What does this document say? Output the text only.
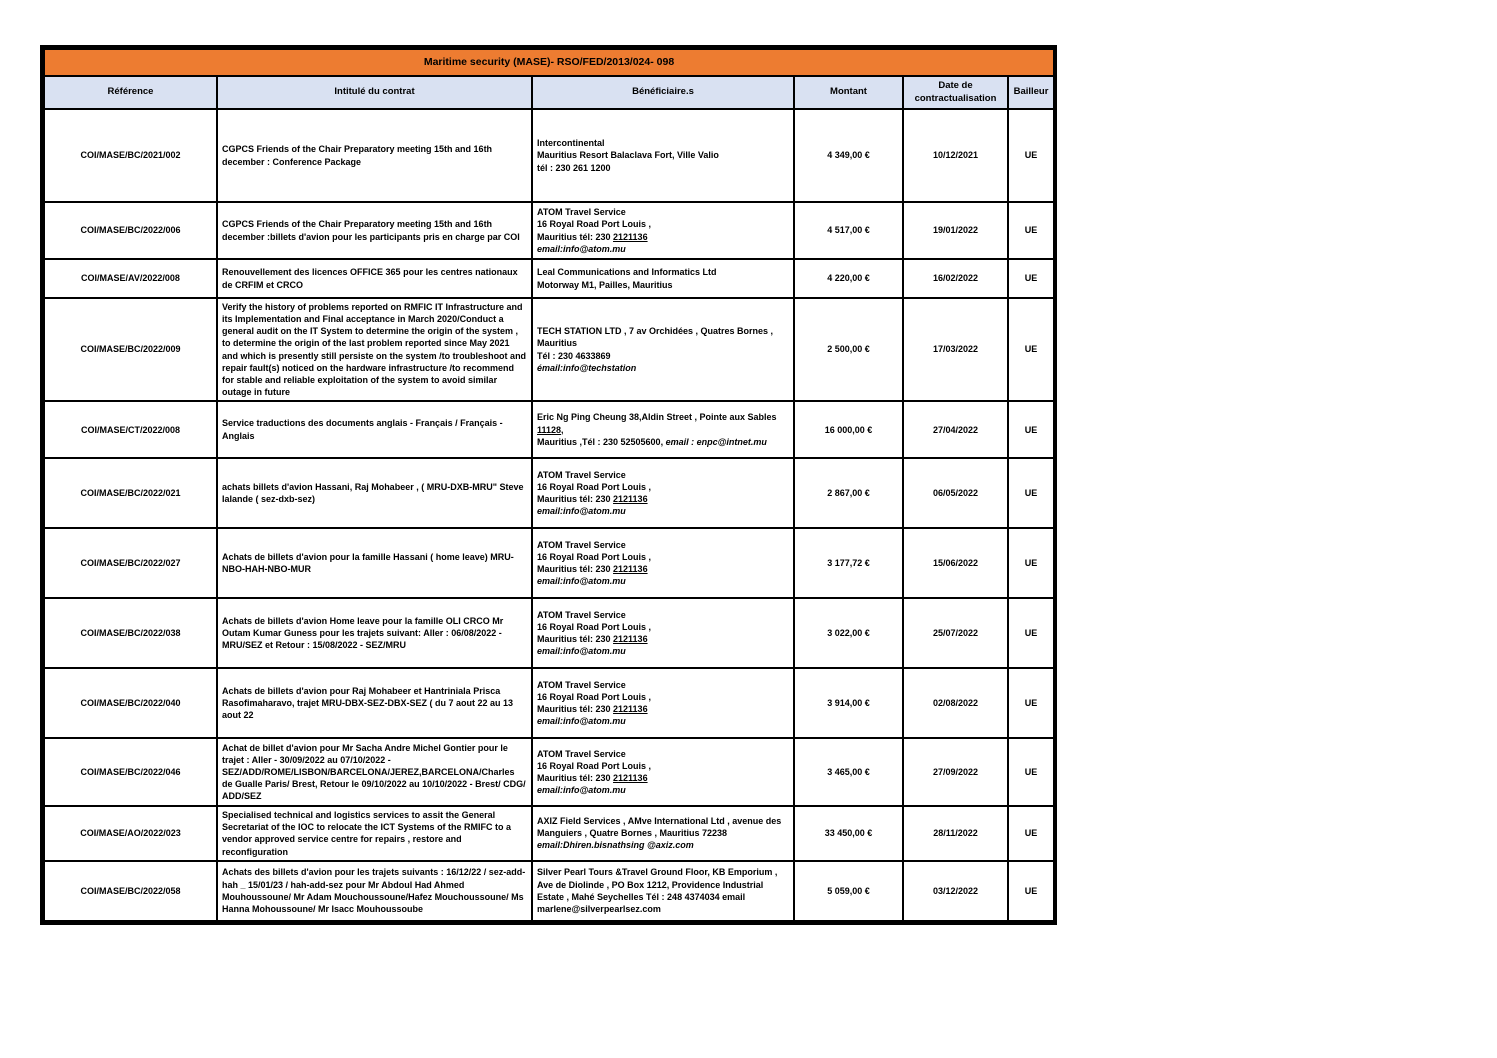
Maritime security (MASE)- RSO/FED/2013/024- 098					
Référence	Intitulé du contrat	Bénéficiaire.s	Montant	Date de contractualisation	Bailleur
COI/MASE/BC/2021/002	CGPCS Friends of the Chair Preparatory meeting 15th and 16th december : Conference Package	Intercontinental
Mauritius Resort Balaclava Fort, Ville Valio
tél : 230 261 1200	4 349,00 €	10/12/2021	UE
COI/MASE/BC/2022/006	CGPCS Friends of the Chair Preparatory meeting 15th and 16th december :billets d'avion pour les participants pris en charge par COI	ATOM Travel Service
16 Royal Road Port Louis ,
Mauritius tél: 230 2121136
email:info@atom.mu	4 517,00 €	19/01/2022	UE
COI/MASE/AV/2022/008	Renouvellement des licences OFFICE 365 pour les centres nationaux de CRFIM et CRCO	Leal Communications and Informatics Ltd
Motorway M1, Pailles, Mauritius	4 220,00 €	16/02/2022	UE
COI/MASE/BC/2022/009	Verify the history of problems reported on RMFIC IT Infrastructure and its Implementation and Final acceptance in March 2020/Conduct a general audit on the IT System to determine the origin of the system , to determine the origin of the last problem reported since May 2021 and which is presently still persiste on the system /to troubleshoot and repair fault(s) noticed on the hardware infrastructure /to recommend for stable and reliable exploitation of the system to avoid similar outage in future	
TECH STATION LTD , 7 av Orchidées , Quatres Bornes , Mauritius
Tél : 230 4633869
émail:info@techstation
	2 500,00 €	17/03/2022	UE
COI/MASE/CT/2022/008	Service traductions des documents anglais - Français / Français -Anglais	Eric Ng Ping Cheung 38,Aldin Street , Pointe aux Sables 11128,
Mauritius ,Tél : 230 52505600, email : enpc@intnet.mu	16 000,00 €	27/04/2022	UE
COI/MASE/BC/2022/021	achats billets d'avion Hassani, Raj Mohabeer , ( MRU-DXB-MRU" Steve Ialande ( sez-dxb-sez)	ATOM Travel Service
16 Royal Road Port Louis ,
Mauritius tél: 230 2121136
email:info@atom.mu	2 867,00 €	06/05/2022	UE
COI/MASE/BC/2022/027	Achats de billets d'avion pour la famille Hassani ( home leave) MRU-NBO-HAH-NBO-MUR	ATOM Travel Service
16 Royal Road Port Louis ,
Mauritius tél: 230 2121136
email:info@atom.mu	3 177,72 €	15/06/2022	UE
COI/MASE/BC/2022/038	Achats de billets d'avion Home leave pour la famille OLI CRCO Mr Outam Kumar Guness pour les trajets suivant: Aller : 06/08/2022 - MRU/SEZ et Retour : 15/08/2022 - SEZ/MRU	ATOM Travel Service
16 Royal Road Port Louis ,
Mauritius tél: 230 2121136
email:info@atom.mu	3 022,00 €	25/07/2022	UE
COI/MASE/BC/2022/040	Achats de billets d'avion pour Raj Mohabeer et Hantriniala Prisca Rasofimaharavo, trajet MRU-DBX-SEZ-DBX-SEZ ( du 7 aout 22 au 13 aout 22	ATOM Travel Service
16 Royal Road Port Louis ,
Mauritius tél: 230 2121136
email:info@atom.mu	3 914,00 €	02/08/2022	UE
COI/MASE/BC/2022/046	Achat de billet d'avion pour Mr Sacha Andre Michel Gontier pour le trajet : Aller - 30/09/2022 au 07/10/2022 - SEZ/ADD/ROME/LISBON/BARCELONA/JEREZ,BARCELONA/Charles de Gualle Paris/ Brest, Retour le 09/10/2022 au 10/10/2022 - Brest/ CDG/ ADD/SEZ	
ATOM Travel Service
16 Royal Road Port Louis ,
Mauritius tél: 230 2121136
email:info@atom.mu
	3 465,00 €	27/09/2022	UE
COI/MASE/AO/2022/023	Specialised technical and logistics services to assit the General Secretariat of the IOC to relocate the ICT Systems of the RMIFC to a vendor approved service centre for repairs , restore and reconfiguration	AXIZ Field Services , AMve International Ltd , avenue des Manguiers , Quatre Bornes , Mauritius 72238
email:Dhiren.bisnathsing @axiz.com	33 450,00 €	28/11/2022	UE
COI/MASE/BC/2022/058	Achats des billets d'avion pour les trajets suivants : 16/12/22 / sez-add-hah _ 15/01/23 / hah-add-sez pour Mr Abdoul Had Ahmed Mouhoussoune/ Mr Adam Mouchoussoune/Hafez Mouchoussoune/ Ms Hanna Mohoussoune/ Mr Isacc Mouhoussoube	Silver Pearl Tours &Travel Ground Floor, KB Emporium , Ave de Diolinde , PO Box 1212, Providence Industrial Estate , Mahé Seychelles Tél : 248 4374034 email marlene@silverpearlsez.com	5 059,00 €	03/12/2022	UE
